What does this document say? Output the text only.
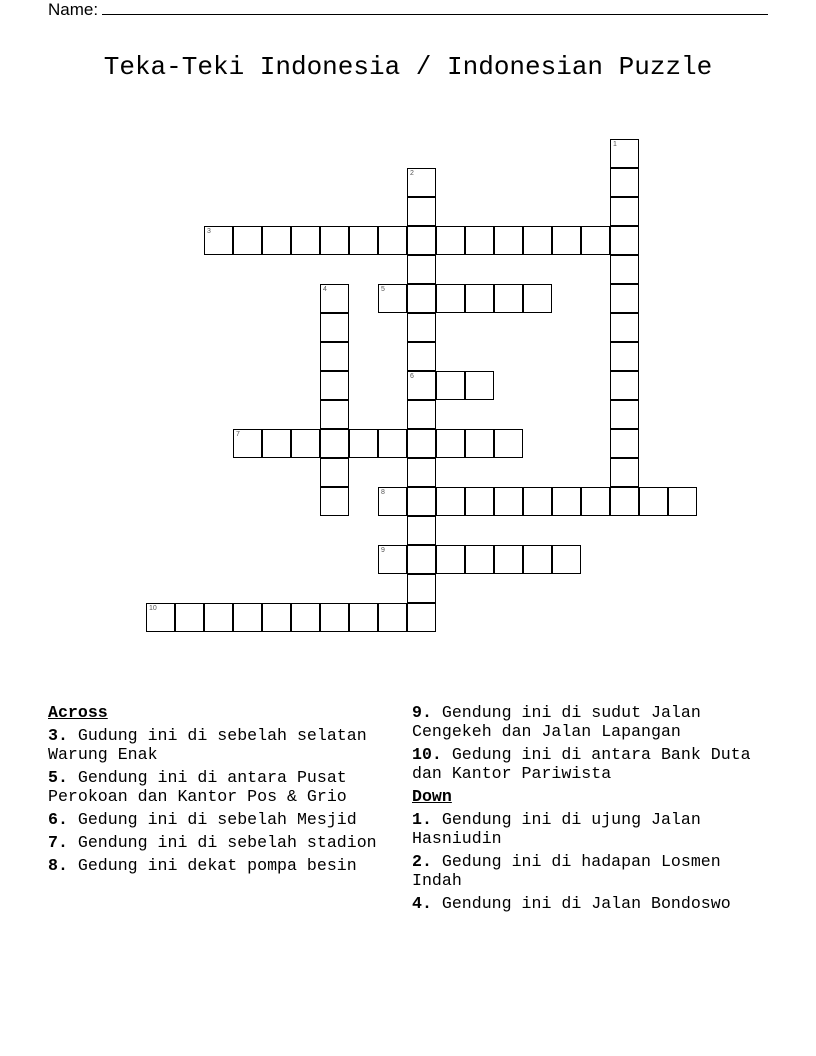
Name:
Teka-Teki Indonesia / Indonesian Puzzle
1
2
6
3
4	5
7
8
9
10
Across
3. Gudung ini di sebelah selatan Warung Enak
5. Gendung ini di antara Pusat Perokoan dan Kantor Pos & Grio
6. Gedung ini di sebelah Mesjid
7. Gendung ini di sebelah stadion
8. Gedung ini dekat pompa besin
9. Gendung ini di sudut Jalan Cengekeh dan Jalan Lapangan
10. Gedung ini di antara Bank Duta dan Kantor Pariwista
Down
1. Gendung ini di ujung Jalan Hasniudin
2. Gedung ini di hadapan Losmen Indah
4. Gendung ini di Jalan Bondoswo
